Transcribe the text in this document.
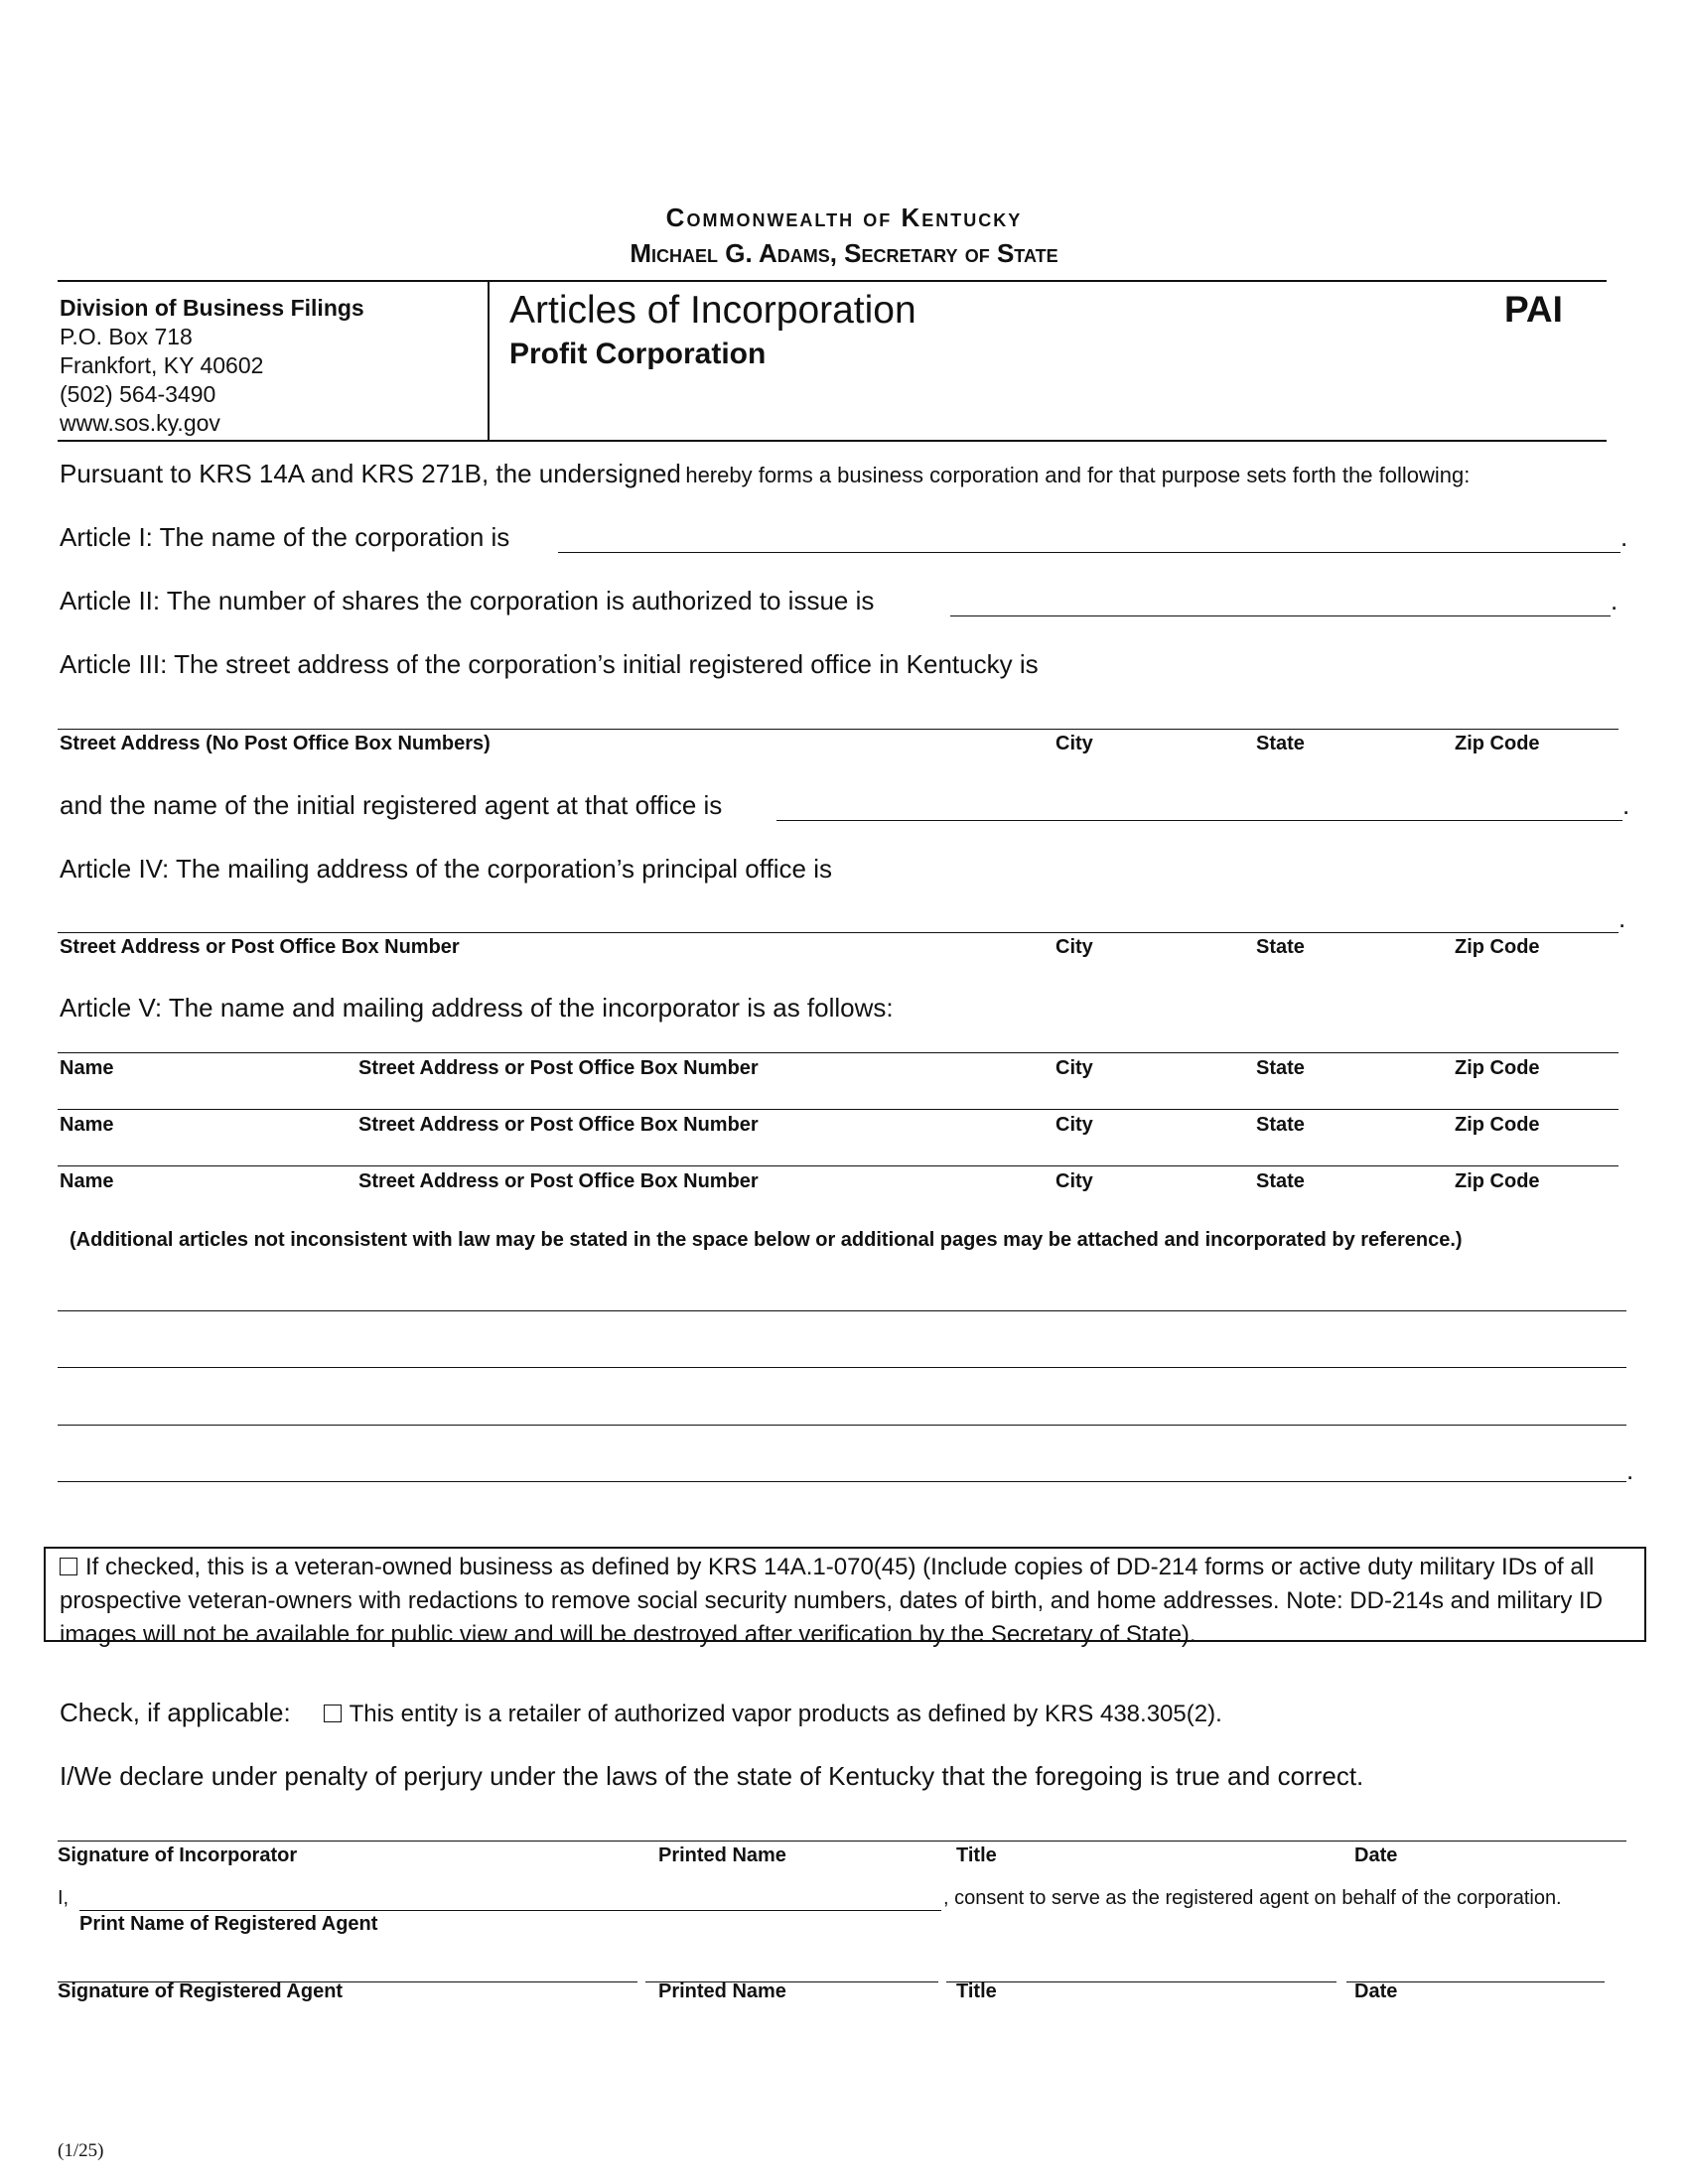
Commonwealth of Kentucky
Michael G. Adams, Secretary of State
Division of Business Filings
P.O. Box 718
Frankfort, KY 40602
(502) 564-3490
www.sos.ky.gov
Articles of Incorporation
Profit Corporation
PAI
Pursuant to KRS 14A and KRS 271B, the undersigned hereby forms a business corporation and for that purpose sets forth the following:
Article I: The name of the corporation is	.
Article II: The number of shares the corporation is authorized to issue is	.
Article III: The street address of the corporation’s initial registered office in Kentucky is
Street Address (No Post Office Box Numbers)	City	State	Zip Code
and the name of the initial registered agent at that office is	.
Article IV: The mailing address of the corporation’s principal office is
.
Street Address or Post Office Box Number	City	State	Zip Code
Article V: The name and mailing address of the incorporator is as follows:
Name	Street Address or Post Office Box Number	City	State	Zip Code
Name	Street Address or Post Office Box Number	City	State	Zip Code
Name	Street Address or Post Office Box Number	City	State	Zip Code
(Additional articles not inconsistent with law may be stated in the space below or additional pages may be attached and incorporated by reference.)
.
If checked, this is a veteran-owned business as defined by KRS 14A.1-070(45) (Include copies of DD-214 forms or active duty military IDs of all prospective veteran-owners with redactions to remove social security numbers, dates of birth, and home addresses. Note: DD-214s and military ID images will not be available for public view and will be destroyed after verification by the Secretary of State).
Check, if applicable: This entity is a retailer of authorized vapor products as defined by KRS 438.305(2).
I/We declare under penalty of perjury under the laws of the state of Kentucky that the foregoing is true and correct.
Signature of Incorporator	Printed Name	Title	Date
I,	, consent to serve as the registered agent on behalf of the corporation.
Print Name of Registered Agent
Signature of Registered Agent	Printed Name	Title	Date
(1/25)
